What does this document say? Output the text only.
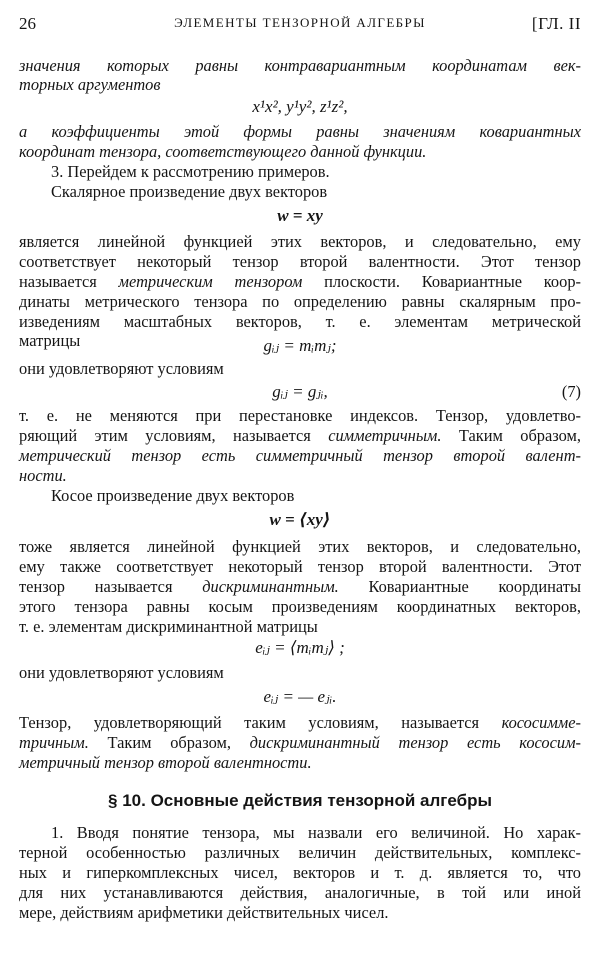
26	ЭЛЕМЕНТЫ ТЕНЗОРНОЙ АЛГЕБРЫ	[ГЛ. II
значения которых равны контравариантным координатам век-
торных аргументов
x¹x², y¹y², z¹z²,
а коэффициенты этой формы равны значениям ковариантных
координат тензора, соответствующего данной функции.
3. Перейдем к рассмотрению примеров.
Скалярное произведение двух векторов
w = xy
является линейной функцией этих векторов, и следовательно, ему
соответствует некоторый тензор второй валентности. Этот тензор
называется метрическим тензором плоскости. Ковариантные коор-
динаты метрического тензора по определению равны скалярным про-
изведениям масштабных векторов, т. е. элементам метрической
матрицы	gᵢⱼ = mᵢmⱼ;
они удовлетворяют условиям
gᵢⱼ = gⱼᵢ,	(7)
т. е. не меняются при перестановке индексов. Тензор, удовлетво-
ряющий этим условиям, называется симметричным. Таким образом,
метрический тензор есть симметричный тензор второй валент-
ности.
Косое произведение двух векторов
w = ⟨xy⟩
тоже является линейной функцией этих векторов, и следовательно,
ему также соответствует некоторый тензор второй валентности. Этот
тензор называется дискриминантным. Ковариантные координаты
этого тензора равны косым произведениям координатных векторов,
т. е. элементам дискриминантной матрицы
eᵢⱼ = ⟨mᵢmⱼ⟩ ;
они удовлетворяют условиям
eᵢⱼ = — eⱼᵢ.
Тензор, удовлетворяющий таким условиям, называется кососимме-
тричным. Таким образом, дискриминантный тензор есть кососим-
метричный тензор второй валентности.
§ 10. Основные действия тензорной алгебры
1. Вводя понятие тензора, мы назвали его величиной. Но харак-
терной особенностью различных величин действительных, комплекс-
ных и гиперкомплексных чисел, векторов и т. д. является то, что
для них устанавливаются действия, аналогичные, в той или иной
мере, действиям арифметики действительных чисел.
